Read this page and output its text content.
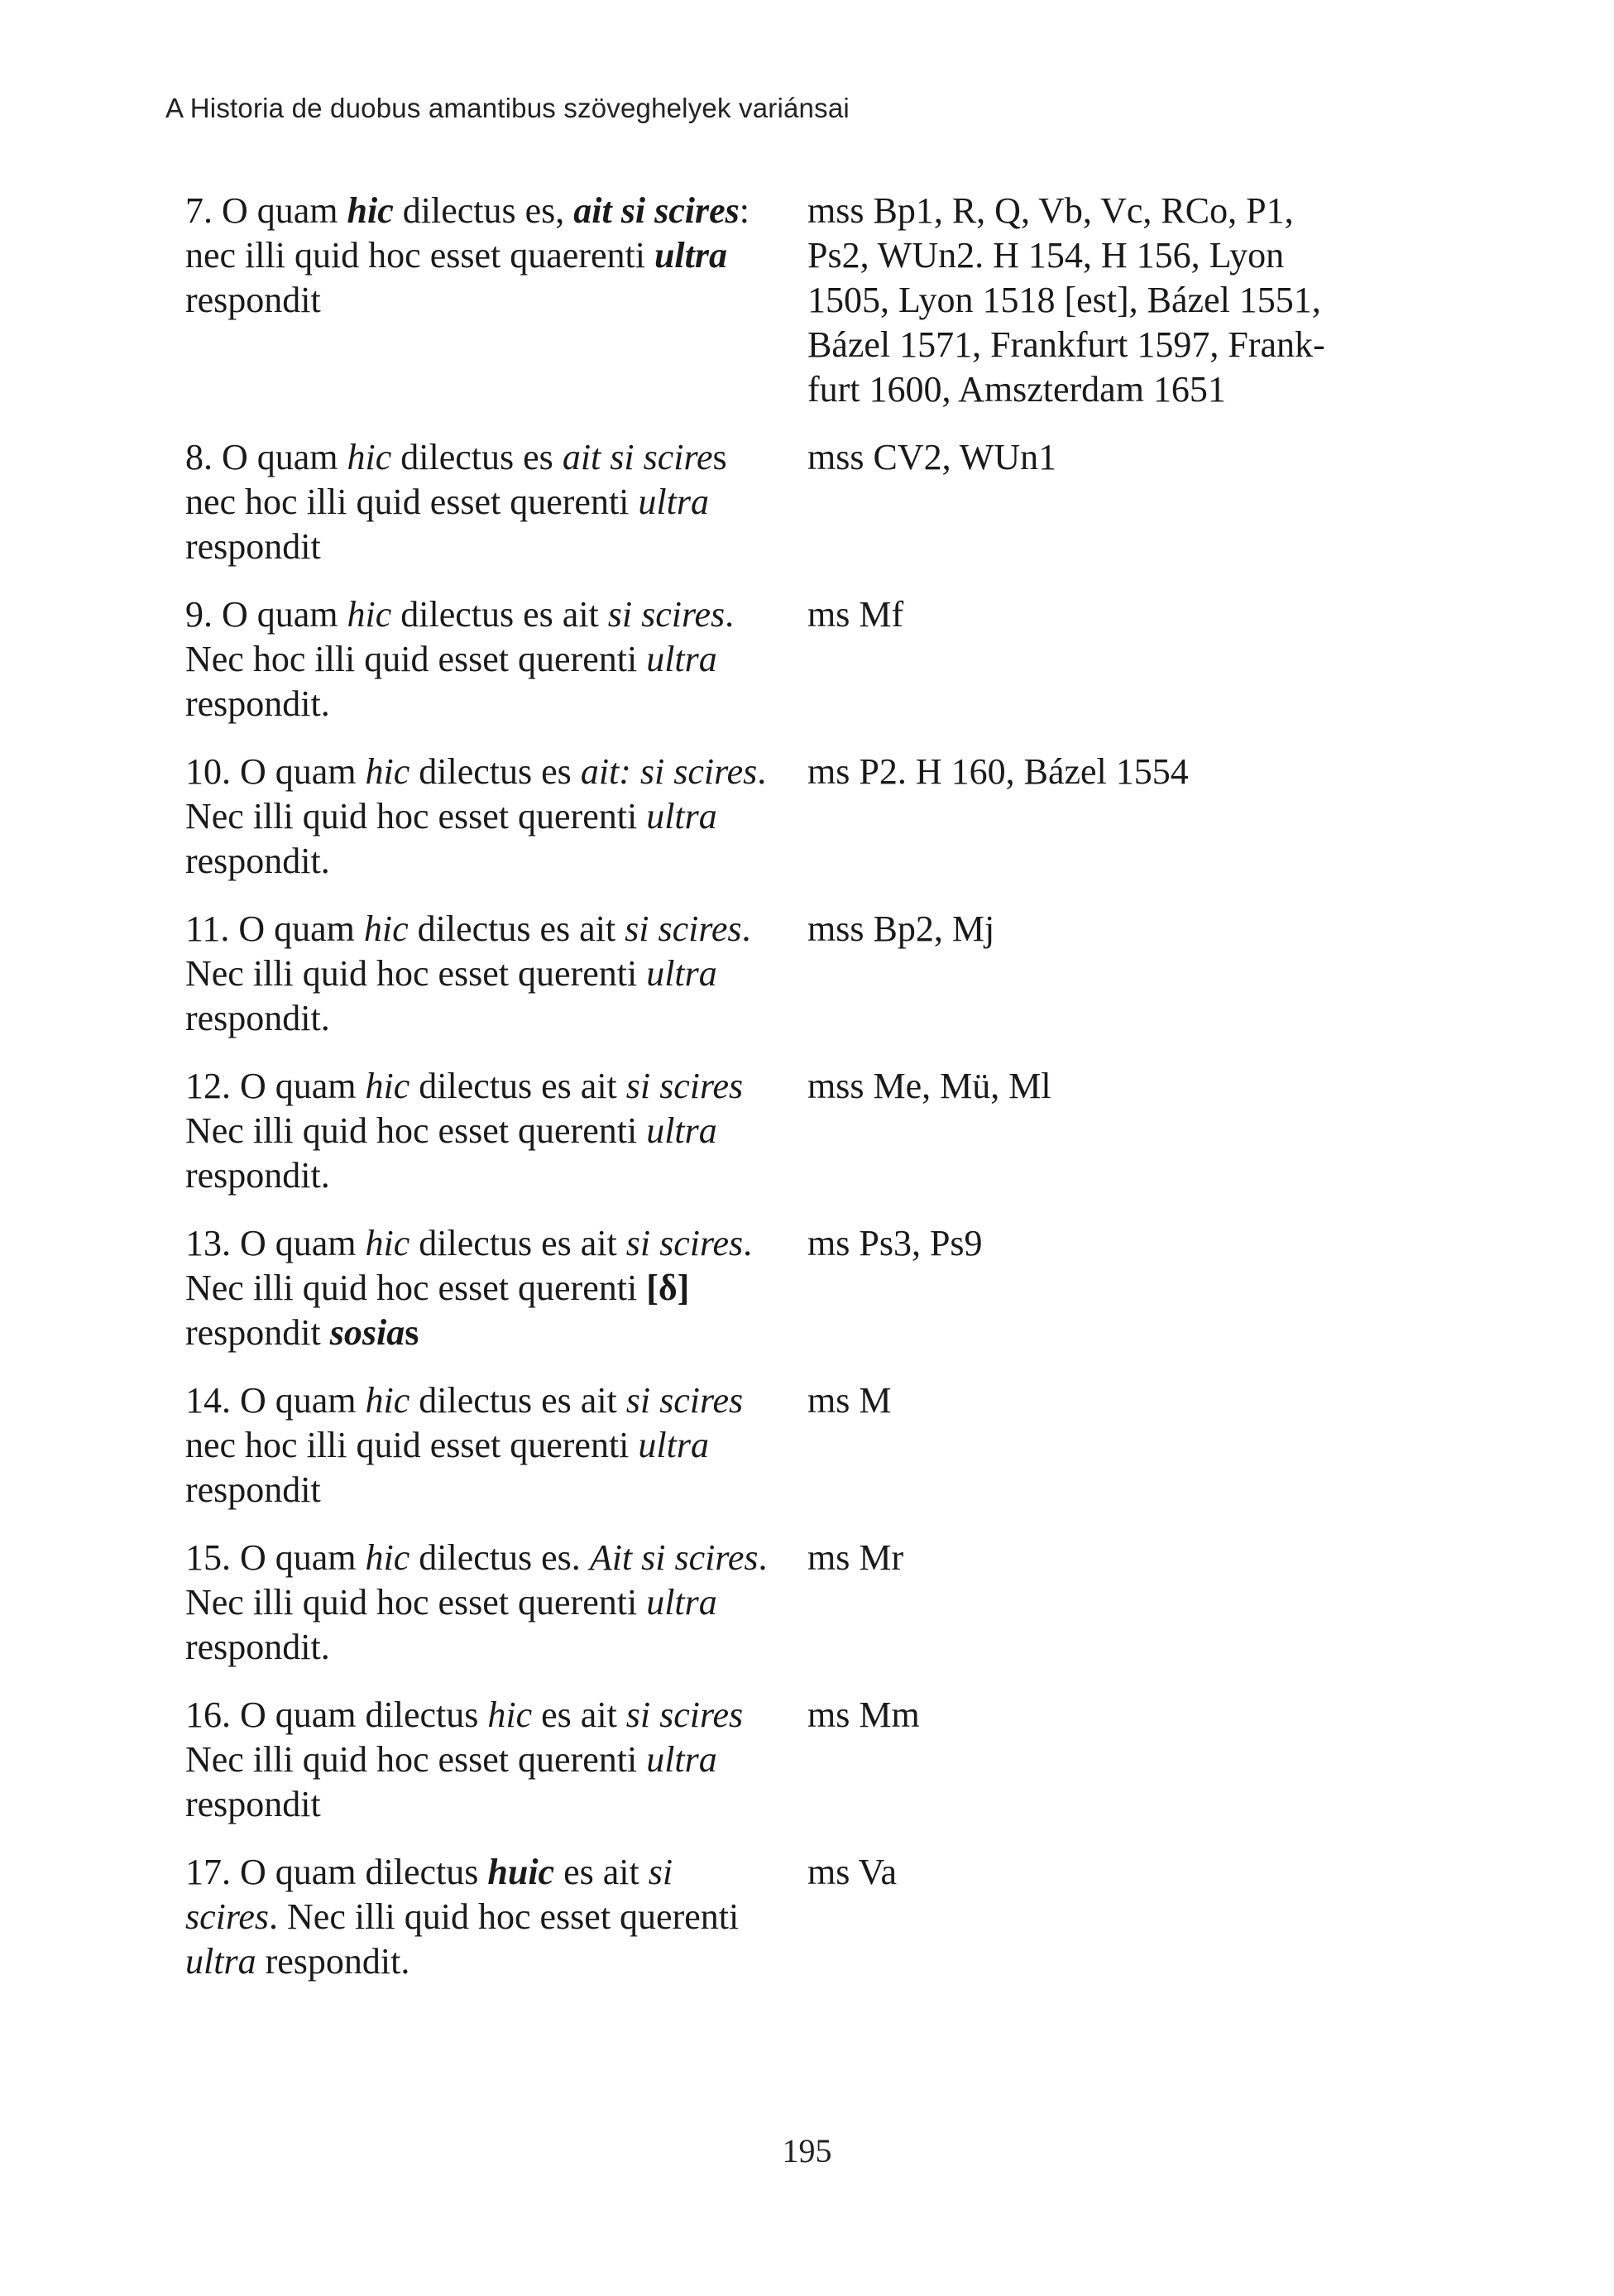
A Historia de duobus amantibus szöveghelyek variánsai
7. O quam hic dilectus es, ait si scires:
nec illi quid hoc esset quaerenti ultra
respondit
mss Bp1, R, Q, Vb, Vc, RCo, P1,
Ps2, WUn2. H 154, H 156, Lyon
1505, Lyon 1518 [est], Bázel 1551,
Bázel 1571, Frankfurt 1597, Frank-
furt 1600, Amszterdam 1651
8. O quam hic dilectus es ait si scires
nec hoc illi quid esset querenti ultra
respondit
mss CV2, WUn1
9. O quam hic dilectus es ait si scires.
Nec hoc illi quid esset querenti ultra
respondit.
ms Mf
10. O quam hic dilectus es ait: si scires.
Nec illi quid hoc esset querenti ultra
respondit.
ms P2. H 160, Bázel 1554
11. O quam hic dilectus es ait si scires.
Nec illi quid hoc esset querenti ultra
respondit.
mss Bp2, Mj
12. O quam hic dilectus es ait si scires
Nec illi quid hoc esset querenti ultra
respondit.
mss Me, Mü, Ml
13. O quam hic dilectus es ait si scires.
Nec illi quid hoc esset querenti [δ]
respondit sosias
ms Ps3, Ps9
14. O quam hic dilectus es ait si scires
nec hoc illi quid esset querenti ultra
respondit
ms M
15. O quam hic dilectus es. Ait si scires.
Nec illi quid hoc esset querenti ultra
respondit.
ms Mr
16. O quam dilectus hic es ait si scires
Nec illi quid hoc esset querenti ultra
respondit
ms Mm
17. O quam dilectus huic es ait si
scires. Nec illi quid hoc esset querenti
ultra respondit.
ms Va
195
